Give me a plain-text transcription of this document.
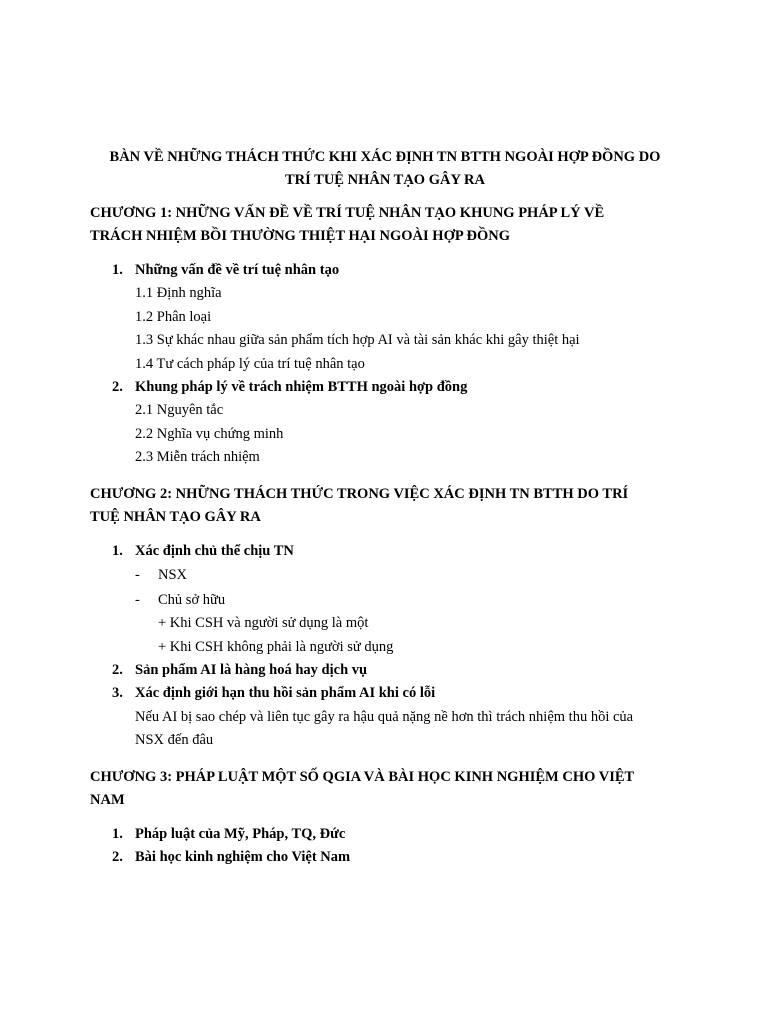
BÀN VỀ NHỮNG THÁCH THỨC KHI XÁC ĐỊNH TN BTTH NGOÀI HỢP ĐỒNG DO
TRÍ TUỆ NHÂN TẠO GÂY RA
CHƯƠNG 1: NHỮNG VẤN ĐỀ VỀ TRÍ TUỆ NHÂN TẠO KHUNG PHÁP LÝ VỀ
TRÁCH NHIỆM BỒI THƯỜNG THIỆT HẠI NGOÀI HỢP ĐỒNG
1. Những vấn đề về trí tuệ nhân tạo
1.1 Định nghĩa
1.2 Phân loại
1.3 Sự khác nhau giữa sản phẩm tích hợp AI và tài sản khác khi gây thiệt hại
1.4 Tư cách pháp lý của trí tuệ nhân tạo
2. Khung pháp lý về trách nhiệm BTTH ngoài hợp đồng
2.1 Nguyên tắc
2.2 Nghĩa vụ chứng minh
2.3 Miễn trách nhiệm
CHƯƠNG 2: NHỮNG THÁCH THỨC TRONG VIỆC XÁC ĐỊNH TN BTTH DO TRÍ
TUỆ NHÂN TẠO GÂY RA
1. Xác định chủ thể chịu TN
- NSX
- Chủ sở hữu
+ Khi CSH và người sử dụng là một
+ Khi CSH không phải là người sử dụng
2. Sản phẩm AI là hàng hoá hay dịch vụ
3. Xác định giới hạn thu hồi sản phẩm AI khi có lỗi
Nếu AI bị sao chép và liên tục gây ra hậu quả nặng nề hơn thì trách nhiệm thu hồi của
NSX đến đâu
CHƯƠNG 3: PHÁP LUẬT MỘT SỐ QGIA VÀ BÀI HỌC KINH NGHIỆM CHO VIỆT
NAM
1. Pháp luật của Mỹ, Pháp, TQ, Đức
2. Bài học kinh nghiệm cho Việt Nam
